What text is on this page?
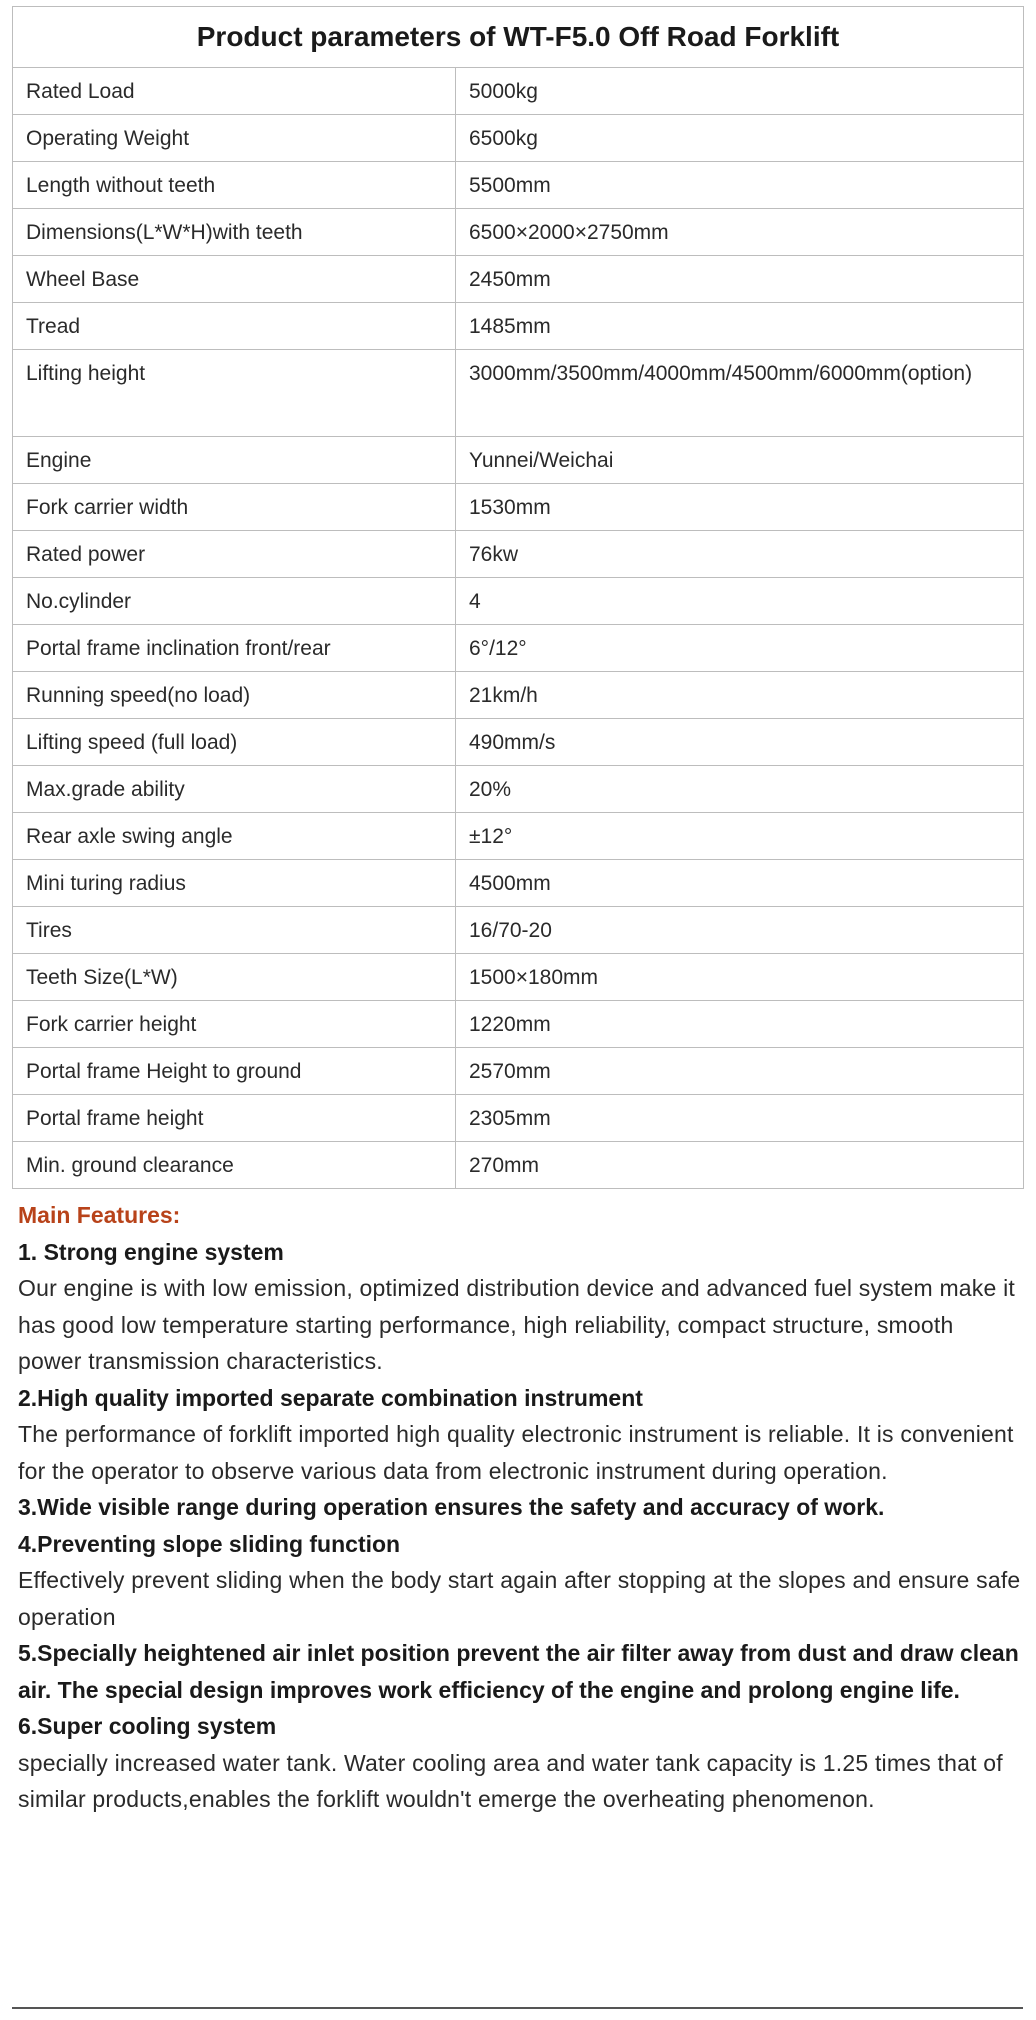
Product parameters of WT-F5.0 Off Road Forklift	
Rated Load	5000kg
Operating Weight	6500kg
Length without teeth	5500mm
Dimensions(L*W*H)with teeth	6500×2000×2750mm
Wheel Base	2450mm
Tread	1485mm
Lifting height	3000mm/3500mm/4000mm/4500mm/6000mm(option)
Engine	Yunnei/Weichai
Fork carrier width	1530mm
Rated power	76kw
No.cylinder	4
Portal frame inclination front/rear	6°/12°
Running speed(no load)	21km/h
Lifting speed (full load)	490mm/s
Max.grade ability	20%
Rear axle swing angle	±12°
Mini turing radius	4500mm
Tires	16/70-20
Teeth Size(L*W)	1500×180mm
Fork carrier height	1220mm
Portal frame Height to ground	2570mm
Portal frame height	2305mm
Min. ground clearance	270mm
Main Features:
1. Strong engine system
Our engine is with low emission, optimized distribution device and advanced fuel system make it has good low temperature starting performance, high reliability, compact structure, smooth power transmission characteristics.
2.High quality imported separate combination instrument
The performance of forklift imported high quality electronic instrument is reliable. It is convenient for the operator to observe various data from electronic instrument during operation.
3.Wide visible range during operation ensures the safety and accuracy of work.
4.Preventing slope sliding function
Effectively prevent sliding when the body start again after stopping at the slopes and ensure safe operation
5.Specially heightened air inlet position prevent the air filter away from dust and draw clean air. The special design improves work efficiency of the engine and prolong engine life.
6.Super cooling system
specially increased water tank. Water cooling area and water tank capacity is 1.25 times that of similar products,enables the forklift wouldn't emerge the overheating phenomenon.
